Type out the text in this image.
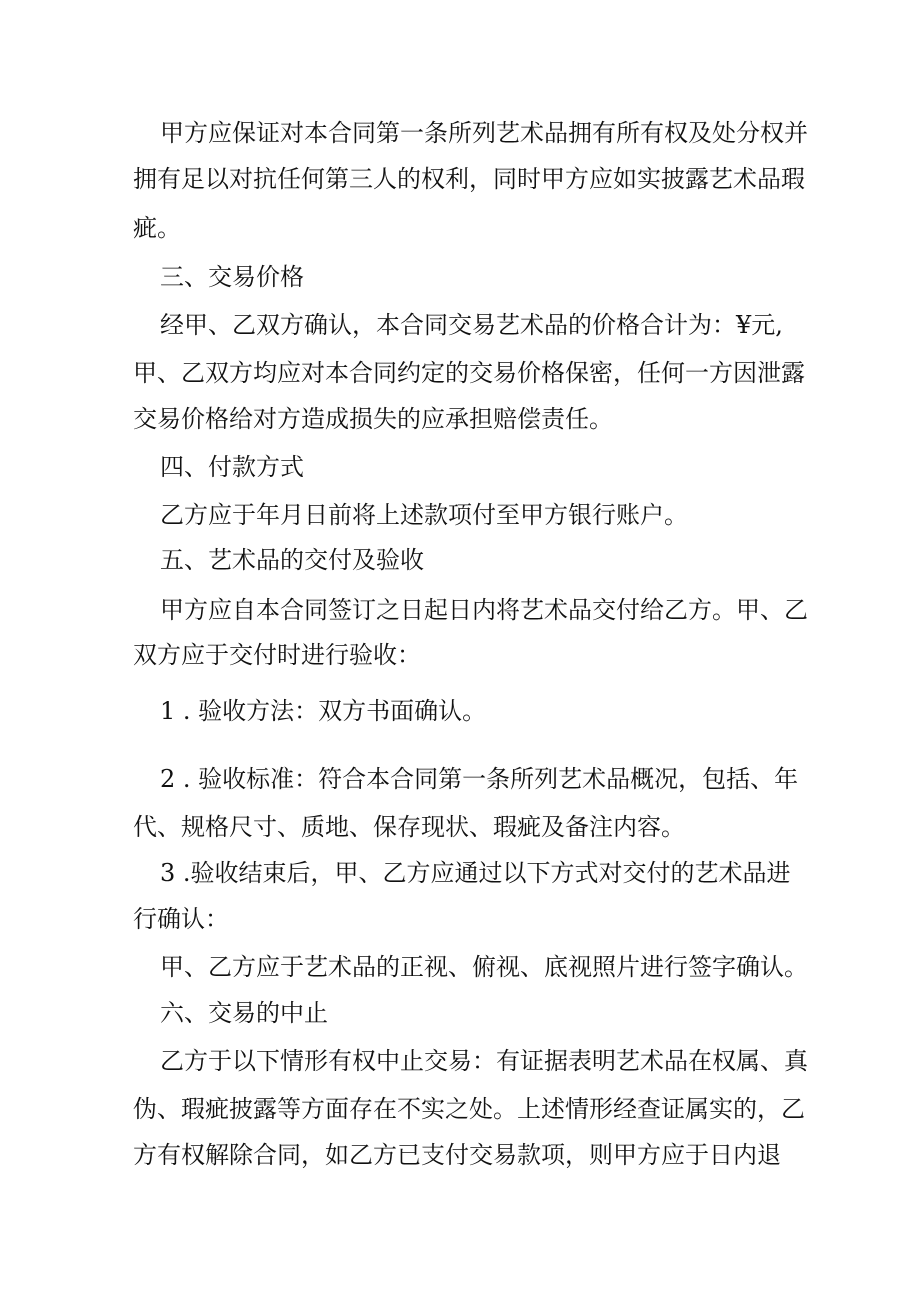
甲方应保证对本合同第一条所列艺术品拥有所有权及处分权并
拥有足以对抗任何第三人的权利，同时甲方应如实披露艺术品瑕
疵。
三、交易价格
经甲、乙双方确认，本合同交易艺术品的价格合计为：¥元,
甲、乙双方均应对本合同约定的交易价格保密，任何一方因泄露
交易价格给对方造成损失的应承担赔偿责任。
四、付款方式
乙方应于年月日前将上述款项付至甲方银行账户。
五、艺术品的交付及验收
甲方应自本合同签订之日起日内将艺术品交付给乙方。甲、乙
双方应于交付时进行验收：
1 . 验收方法：双方书面确认。
2 . 验收标准：符合本合同第一条所列艺术品概况，包括、年
代、规格尺寸、质地、保存现状、瑕疵及备注内容。
3 .验收结束后，甲、乙方应通过以下方式对交付的艺术品进
行确认：
甲、乙方应于艺术品的正视、俯视、底视照片进行签字确认。
六、交易的中止
乙方于以下情形有权中止交易：有证据表明艺术品在权属、真
伪、瑕疵披露等方面存在不实之处。上述情形经查证属实的，乙
方有权解除合同，如乙方已支付交易款项，则甲方应于日内退
